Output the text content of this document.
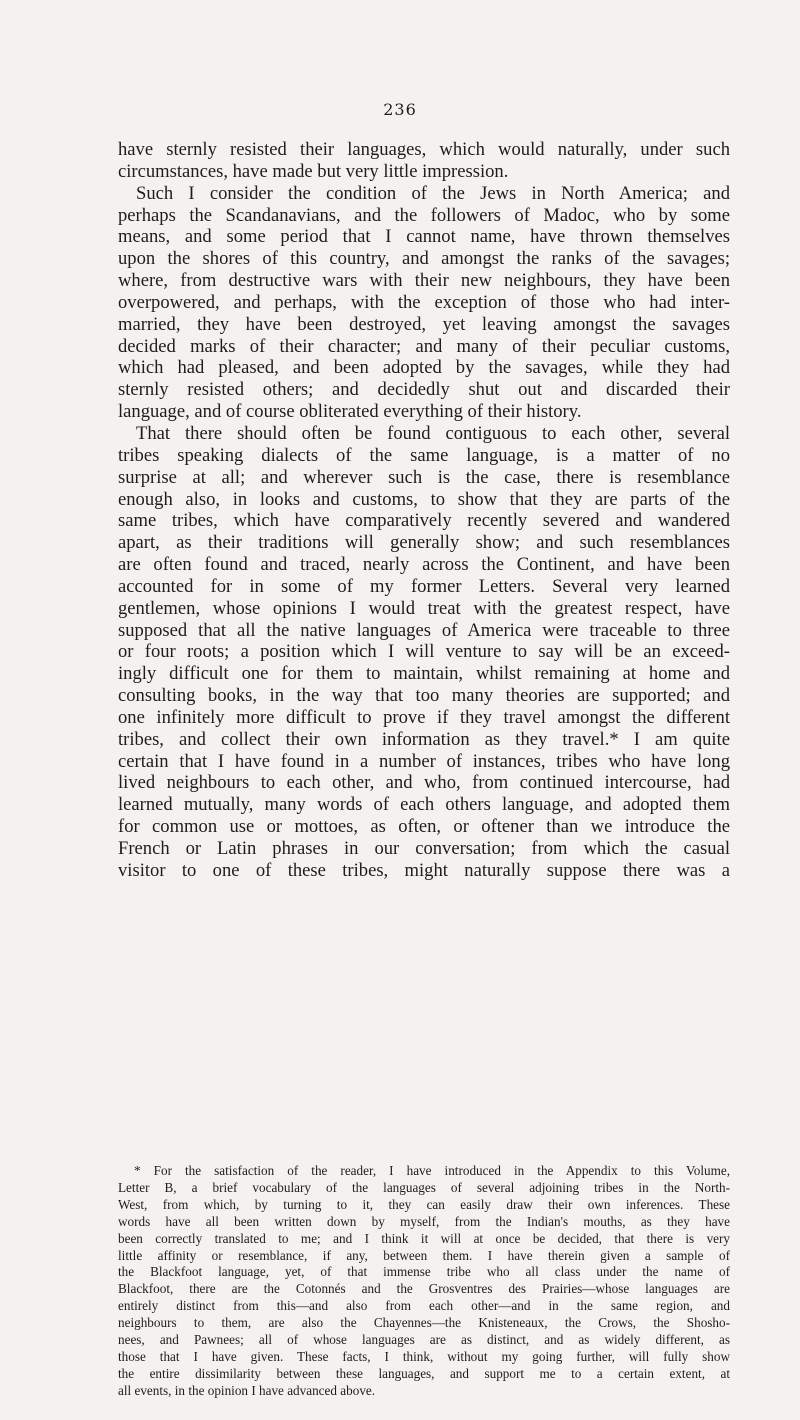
236
have sternly resisted their languages, which would naturally, under such
circumstances, have made but very little impression.
Such I consider the condition of the Jews in North America; and
perhaps the Scandanavians, and the followers of Madoc, who by some
means, and some period that I cannot name, have thrown themselves
upon the shores of this country, and amongst the ranks of the savages;
where, from destructive wars with their new neighbours, they have been
overpowered, and perhaps, with the exception of those who had inter-
married, they have been destroyed, yet leaving amongst the savages
decided marks of their character; and many of their peculiar customs,
which had pleased, and been adopted by the savages, while they had
sternly resisted others; and decidedly shut out and discarded their
language, and of course obliterated everything of their history.
That there should often be found contiguous to each other, several
tribes speaking dialects of the same language, is a matter of no
surprise at all; and wherever such is the case, there is resemblance
enough also, in looks and customs, to show that they are parts of the
same tribes, which have comparatively recently severed and wandered
apart, as their traditions will generally show; and such resemblances
are often found and traced, nearly across the Continent, and have been
accounted for in some of my former Letters. Several very learned
gentlemen, whose opinions I would treat with the greatest respect, have
supposed that all the native languages of America were traceable to three
or four roots; a position which I will venture to say will be an exceed-
ingly difficult one for them to maintain, whilst remaining at home and
consulting books, in the way that too many theories are supported; and
one infinitely more difficult to prove if they travel amongst the different
tribes, and collect their own information as they travel.* I am quite
certain that I have found in a number of instances, tribes who have long
lived neighbours to each other, and who, from continued intercourse, had
learned mutually, many words of each others language, and adopted them
for common use or mottoes, as often, or oftener than we introduce the
French or Latin phrases in our conversation; from which the casual
visitor to one of these tribes, might naturally suppose there was a
* For the satisfaction of the reader, I have introduced in the Appendix to this Volume,
Letter B, a brief vocabulary of the languages of several adjoining tribes in the North-
West, from which, by turning to it, they can easily draw their own inferences. These
words have all been written down by myself, from the Indian's mouths, as they have
been correctly translated to me; and I think it will at once be decided, that there is very
little affinity or resemblance, if any, between them. I have therein given a sample of
the Blackfoot language, yet, of that immense tribe who all class under the name of
Blackfoot, there are the Cotonnés and the Grosventres des Prairies—whose languages are
entirely distinct from this—and also from each other—and in the same region, and
neighbours to them, are also the Chayennes—the Knisteneaux, the Crows, the Shosho-
nees, and Pawnees; all of whose languages are as distinct, and as widely different, as
those that I have given. These facts, I think, without my going further, will fully show
the entire dissimilarity between these languages, and support me to a certain extent, at
all events, in the opinion I have advanced above.
